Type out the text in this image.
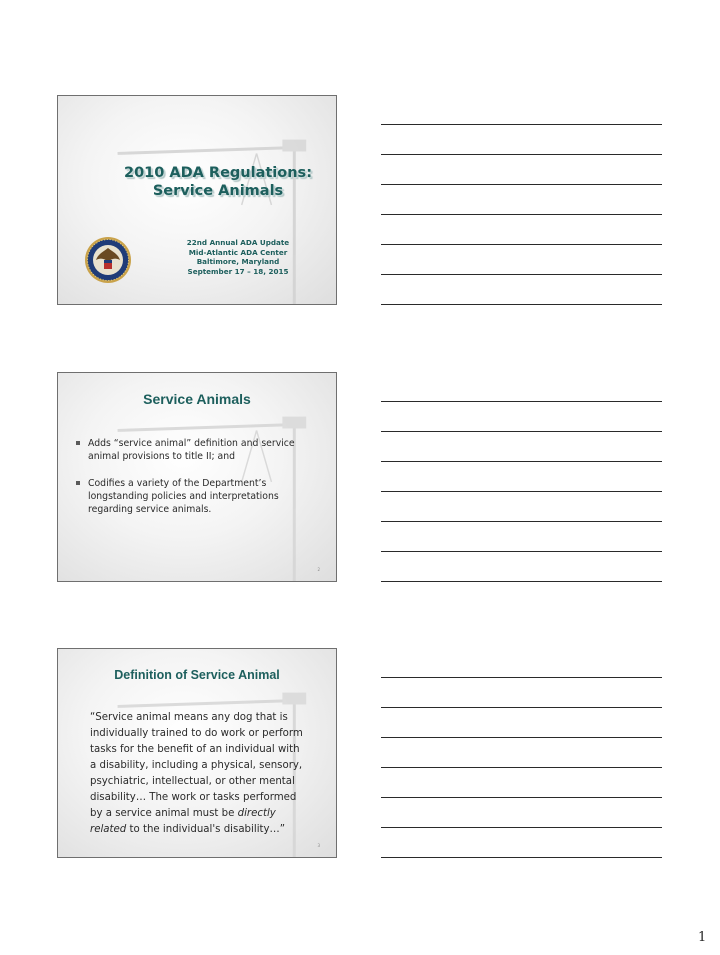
2010 ADA Regulations:
Service Animals
22nd Annual ADA Update
Mid-Atlantic ADA Center
Baltimore, Maryland
September 17 – 18, 2015
Service Animals
Adds “service animal” definition and service animal provisions to title II; and
Codifies a variety of the Department’s longstanding policies and interpretations regarding service animals.
2
Definition of Service Animal
“Service animal means any dog that is
individually trained to do work or perform
tasks for the benefit of an individual with
a disability, including a physical, sensory,
psychiatric, intellectual, or other mental
disability… The work or tasks performed
by a service animal must be directly
related to the individual's disability…”
3
1
